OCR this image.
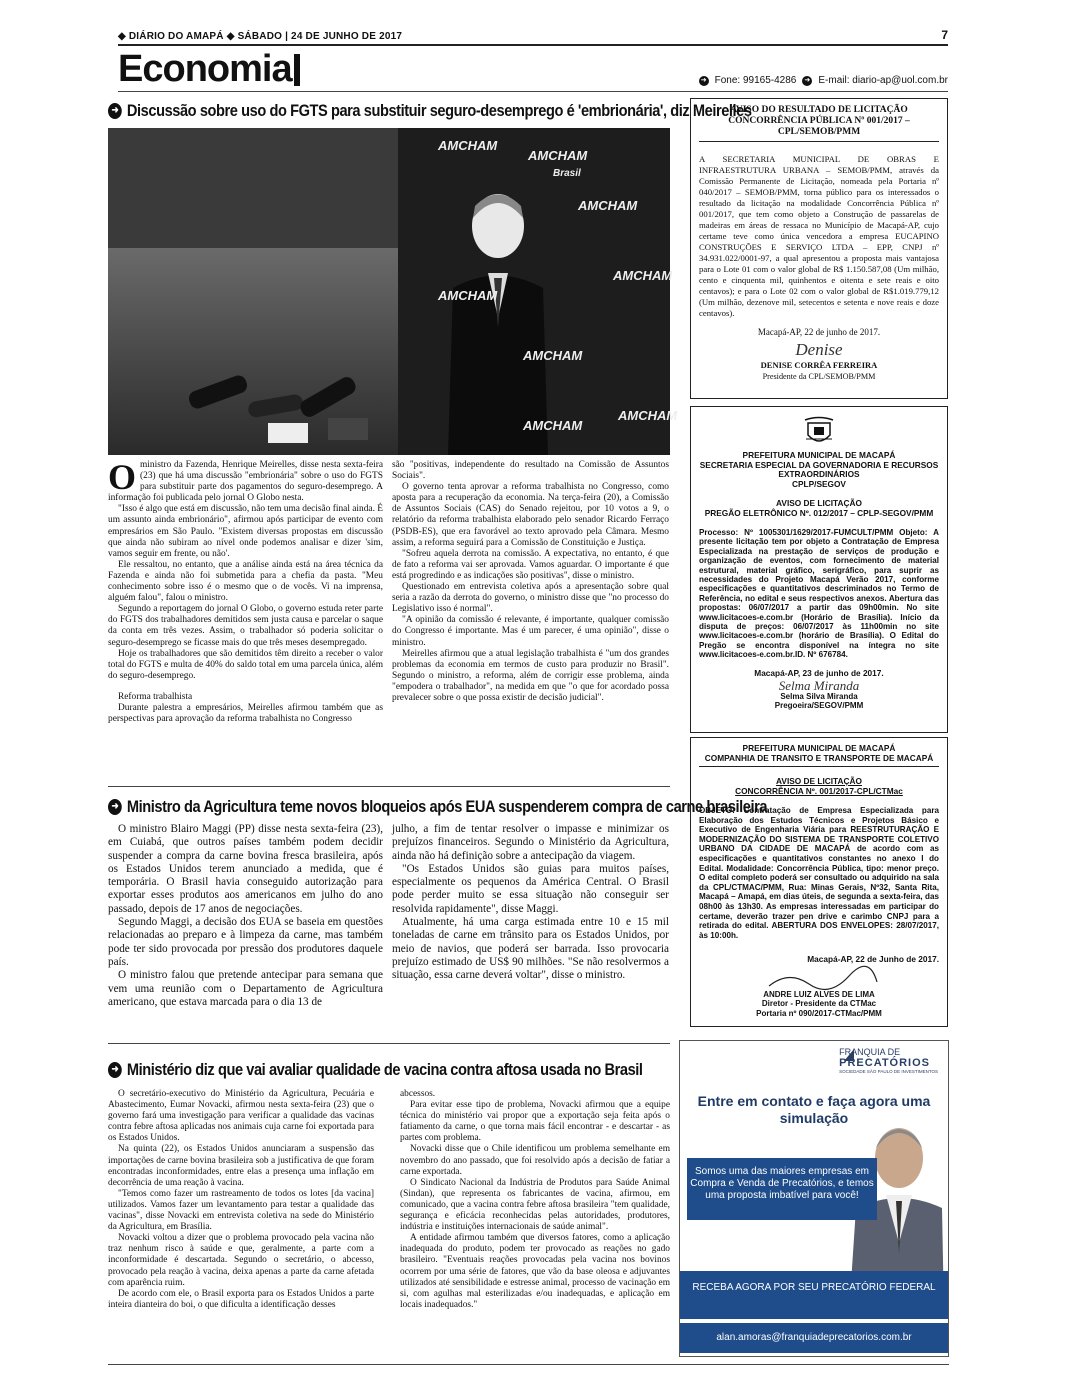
◆ DIÁRIO DO AMAPÁ ◆ SÁBADO | 24 DE JUNHO DE 2017	7
Economia	➜ Fone: 99165-4286 ➜ E-mail: diario-ap@uol.com.br
➜ Discussão sobre uso do FGTS para substituir seguro-desemprego é 'embrionária', diz Meirelles
AMCHAM
AMCHAM
AMCHAM
AMCHAM
AMCHAM
AMCHAM
AMCHAM
AMCHAM
Brasil

O ministro da Fazenda, Henrique Meirelles, disse nesta sexta-feira (23) que há uma discussão "embrionária" sobre o uso do FGTS para substituir parte dos pagamentos do seguro-desemprego. A informação foi publicada pelo jornal O Globo nesta.

"Isso é algo que está em discussão, não tem uma decisão final ainda. É um assunto ainda embrionário", afirmou após participar de evento com empresários em São Paulo. "Existem diversas propostas em discussão que ainda não subiram ao nível onde podemos analisar e dizer 'sim, vamos seguir em frente, ou não'.

Ele ressaltou, no entanto, que a análise ainda está na área técnica da Fazenda e ainda não foi submetida para a chefia da pasta. "Meu conhecimento sobre isso é o mesmo que o de vocês. Vi na imprensa, alguém falou", falou o ministro.

Segundo a reportagem do jornal O Globo, o governo estuda reter parte do FGTS dos trabalhadores demitidos sem justa causa e parcelar o saque da conta em três vezes. Assim, o trabalhador só poderia solicitar o seguro-desemprego se ficasse mais do que três meses desempregado.

Hoje os trabalhadores que são demitidos têm direito a receber o valor total do FGTS e multa de 40% do saldo total em uma parcela única, além do seguro-desemprego.

Reforma trabalhista

Durante palestra a empresários, Meirelles afirmou também que as perspectivas para aprovação da reforma trabalhista no Congresso

são "positivas, independente do resultado na Comissão de Assuntos Sociais".

O governo tenta aprovar a reforma trabalhista no Congresso, como aposta para a recuperação da economia. Na terça-feira (20), a Comissão de Assuntos Sociais (CAS) do Senado rejeitou, por 10 votos a 9, o relatório da reforma trabalhista elaborado pelo senador Ricardo Ferraço (PSDB-ES), que era favorável ao texto aprovado pela Câmara. Mesmo assim, a reforma seguirá para a Comissão de Constituição e Justiça.

"Sofreu aquela derrota na comissão. A expectativa, no entanto, é que de fato a reforma vai ser aprovada. Vamos aguardar. O importante é que está progredindo e as indicações são positivas", disse o ministro.

Questionado em entrevista coletiva após a apresentação sobre qual seria a razão da derrota do governo, o ministro disse que "no processo do Legislativo isso é normal".

"A opinião da comissão é relevante, é importante, qualquer comissão do Congresso é importante. Mas é um parecer, é uma opinião", disse o ministro.

Meirelles afirmou que a atual legislação trabalhista é "um dos grandes problemas da economia em termos de custo para produzir no Brasil". Segundo o ministro, a reforma, além de corrigir esse problema, ainda "empodera o trabalhador", na medida em que "o que for acordado possa prevalecer sobre o que possa existir de decisão judicial".

➜ Ministro da Agricultura teme novos bloqueios após EUA suspenderem compra de carne brasileira

O ministro Blairo Maggi (PP) disse nesta sexta-feira (23), em Cuiabá, que outros países também podem decidir suspender a compra da carne bovina fresca brasileira, após os Estados Unidos terem anunciado a medida, que é temporária. O Brasil havia conseguido autorização para exportar esses produtos aos americanos em julho do ano passado, depois de 17 anos de negociações.

Segundo Maggi, a decisão dos EUA se baseia em questões relacionadas ao preparo e à limpeza da carne, mas também pode ter sido provocada por pressão dos produtores daquele país.

O ministro falou que pretende antecipar para semana que vem uma reunião com o Departamento de Agricultura americano, que estava marcada para o dia 13 de

julho, a fim de tentar resolver o impasse e minimizar os prejuízos financeiros. Segundo o Ministério da Agricultura, ainda não há definição sobre a antecipação da viagem.

"Os Estados Unidos são guias para muitos países, especialmente os pequenos da América Central. O Brasil pode perder muito se essa situação não conseguir ser resolvida rapidamente", disse Maggi.

Atualmente, há uma carga estimada entre 10 e 15 mil toneladas de carne em trânsito para os Estados Unidos, por meio de navios, que poderá ser barrada. Isso provocaria prejuízo estimado de US$ 90 milhões. "Se não resolvermos a situação, essa carne deverá voltar", disse o ministro.

➜ Ministério diz que vai avaliar qualidade de vacina contra aftosa usada no Brasil

O secretário-executivo do Ministério da Agricultura, Pecuária e Abastecimento, Eumar Novacki, afirmou nesta sexta-feira (23) que o governo fará uma investigação para verificar a qualidade das vacinas contra febre aftosa aplicadas nos animais cuja carne foi exportada para os Estados Unidos.

Na quinta (22), os Estados Unidos anunciaram a suspensão das importações de carne bovina brasileira sob a justificativa de que foram encontradas inconformidades, entre elas a presença uma inflação em decorrência de uma reação à vacina.

"Temos como fazer um rastreamento de todos os lotes [da vacina] utilizados. Vamos fazer um levantamento para testar a qualidade das vacinas", disse Novacki em entrevista coletiva na sede do Ministério da Agricultura, em Brasília.

Novacki voltou a dizer que o problema provocado pela vacina não traz nenhum risco à saúde e que, geralmente, a parte com a inconformidade é descartada. Segundo o secretário, o abcesso, provocado pela reação à vacina, deixa apenas a parte da carne afetada com aparência ruim.

De acordo com ele, o Brasil exporta para os Estados Unidos a parte inteira dianteira do boi, o que dificulta a identificação desses

abcessos.

Para evitar esse tipo de problema, Novacki afirmou que a equipe técnica do ministério vai propor que a exportação seja feita após o fatiamento da carne, o que torna mais fácil encontrar - e descartar - as partes com problema.

Novacki disse que o Chile identificou um problema semelhante em novembro do ano passado, que foi resolvido após a decisão de fatiar a carne exportada.

O Sindicato Nacional da Indústria de Produtos para Saúde Animal (Sindan), que representa os fabricantes de vacina, afirmou, em comunicado, que a vacina contra febre aftosa brasileira "tem qualidade, segurança e eficácia reconhecidas pelas autoridades, produtores, indústria e instituições internacionais de saúde animal".

A entidade afirmou também que diversos fatores, como a aplicação inadequada do produto, podem ter provocado as reações no gado brasileiro. "Eventuais reações provocadas pela vacina nos bovinos ocorrem por uma série de fatores, que vão da base oleosa e adjuvantes utilizados até sensibilidade e estresse animal, processo de vacinação em si, com agulhas mal esterilizadas e/ou inadequadas, e aplicação em locais inadequados."

AVISO DO RESULTADO DE LICITAÇÃO
CONCORRÊNCIA PÚBLICA Nº 001/2017 – CPL/SEMOB/PMM
A SECRETARIA MUNICIPAL DE OBRAS E INFRAESTRUTURA URBANA – SEMOB/PMM, através da Comissão Permanente de Licitação, nomeada pela Portaria nº 040/2017 – SEMOB/PMM, torna público para os interessados o resultado da licitação na modalidade Concorrência Pública nº 001/2017, que tem como objeto a Construção de passarelas de madeiras em áreas de ressaca no Município de Macapá-AP, cujo certame teve como única vencedora a empresa EUCAPINO CONSTRUÇÕES E SERVIÇO LTDA – EPP, CNPJ nº 34.931.022/0001-97, a qual apresentou a proposta mais vantajosa para o Lote 01 com o valor global de R$ 1.150.587,08 (Um milhão, cento e cinquenta mil, quinhentos e oitenta e sete reais e oito centavos); e para o Lote 02 com o valor global de R$1.019.779,12 (Um milhão, dezenove mil, setecentos e setenta e nove reais e doze centavos).
Macapá-AP, 22 de junho de 2017.
Denise
DENISE CORRÊA FERREIRA
Presidente da CPL/SEMOB/PMM
PREFEITURA MUNICIPAL DE MACAPÁ
SECRETARIA ESPECIAL DA GOVERNADORIA E RECURSOS EXTRAORDINÁRIOS
CPLP/SEGOV
AVISO DE LICITAÇÃO
PREGÃO ELETRÔNICO Nº. 012/2017 – CPLP-SEGOV/PMM
Processo: Nº 1005301/1629/2017-FUMCULT/PMM Objeto: A presente licitação tem por objeto a Contratação de Empresa Especializada na prestação de serviços de produção e organização de eventos, com fornecimento de material estrutural, material gráfico, serigráfico, para suprir as necessidades do Projeto Macapá Verão 2017, conforme especificações e quantitativos descriminados no Termo de Referência, no edital e seus respectivos anexos. Abertura das propostas: 06/07/2017 a partir das 09h00min. No site www.licitacoes-e.com.br (Horário de Brasília). Início da disputa de preços: 06/07/2017 às 11h00min no site www.licitacoes-e.com.br (horário de Brasília). O Edital do Pregão se encontra disponível na íntegra no site www.licitacoes-e.com.br.ID. Nº 676784.
Macapá-AP, 23 de junho de 2017.
Selma Miranda
Selma Silva Miranda
Pregoeira/SEGOV/PMM
PREFEITURA MUNICIPAL DE MACAPÁ
COMPANHIA DE TRANSITO E TRANSPORTE DE MACAPÁ
AVISO DE LICITAÇÃO
CONCORRÊNCIA Nº. 001/2017-CPL/CTMac
OBJETO: Contratação de Empresa Especializada para Elaboração dos Estudos Técnicos e Projetos Básico e Executivo de Engenharia Viária para REESTRUTURAÇÃO E MODERNIZAÇÃO DO SISTEMA DE TRANSPORTE COLETIVO URBANO DA CIDADE DE MACAPÁ de acordo com as especificações e quantitativos constantes no anexo I do Edital. Modalidade: Concorrência Pública, tipo: menor preço. O edital completo poderá ser consultado ou adquirido na sala da CPL/CTMAC/PMM, Rua: Minas Gerais, Nº32, Santa Rita, Macapá – Amapá, em dias úteis, de segunda a sexta-feira, das 08h00 às 13h30. As empresas interessadas em participar do certame, deverão trazer pen drive e carimbo CNPJ para a retirada do edital. ABERTURA DOS ENVELOPES: 28/07/2017, às 10:00h.
Macapá-AP, 22 de Junho de 2017.
ANDRE LUIZ ALVES DE LIMA
Diretor - Presidente da CTMac
Portaria nº 090/2017-CTMac/PMM
FRANQUIA DE
PRECATÓRIOS
SOCIEDADE SÃO PAULO DE INVESTIMENTOS
Entre em contato e faça agora uma simulação
Somos uma das maiores empresas em Compra e Venda de Precatórios, e temos uma proposta imbatível para você!
RECEBA AGORA POR SEU PRECATÓRIO FEDERAL
alan.amoras@franquiadeprecatorios.com.br
